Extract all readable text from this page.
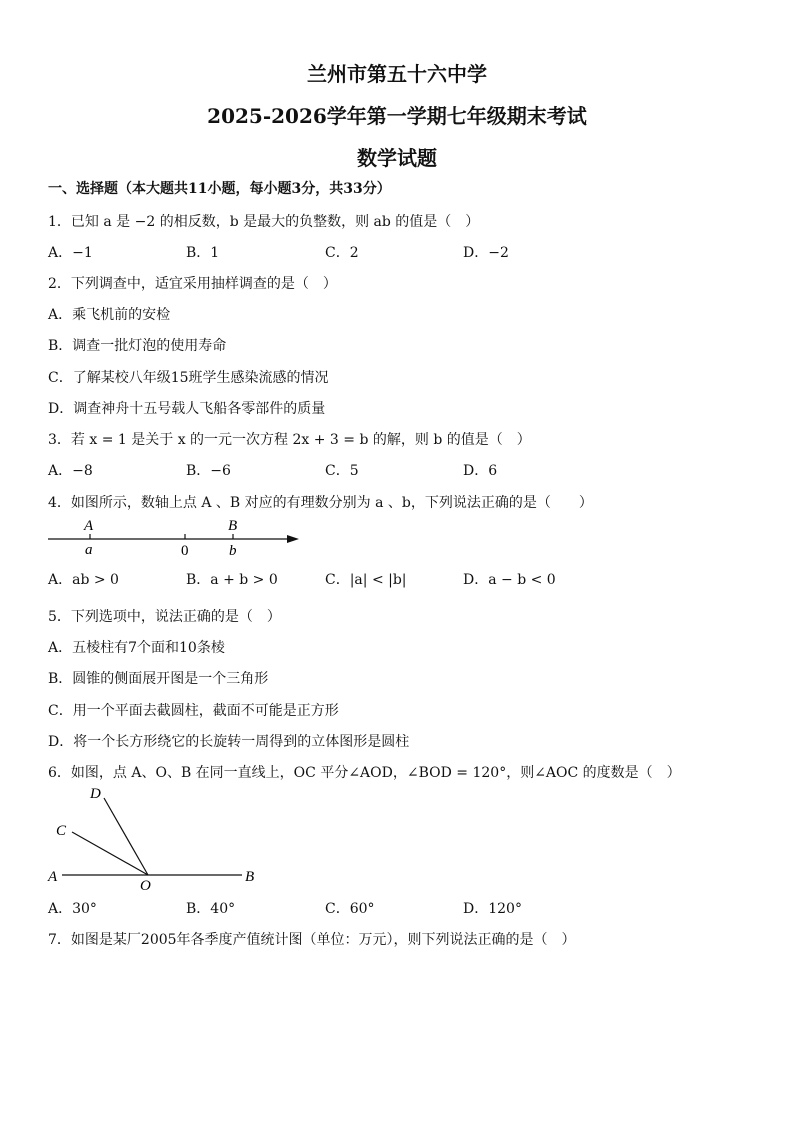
兰州市第五十六中学
2025-2026学年第一学期七年级期末考试
数学试题
一、选择题（本大题共11小题，每小题3分，共33分）
1．已知 a 是 −2 的相反数，b 是最大的负整数，则 ab 的值是（　）
A．−1	B．1	C．2	D．−2
2．下列调查中，适宜采用抽样调查的是（　）
A．乘飞机前的安检
B．调查一批灯泡的使用寿命
C．了解某校八年级15班学生感染流感的情况
D．调查神舟十五号载人飞船各零部件的质量
3．若 x = 1 是关于 x 的一元一次方程 2x + 3 = b 的解，则 b 的值是（　）
A．−8	B．−6	C．5	D．6
4．如图所示，数轴上点 A 、B 对应的有理数分别为 a 、b，下列说法正确的是（　　）
A
a	0
B
b
A．ab > 0	B．a + b > 0	C．|a| < |b|	D．a − b < 0
5．下列选项中，说法正确的是（　）
A．五棱柱有7个面和10条棱
B．圆锥的侧面展开图是一个三角形
C．用一个平面去截圆柱，截面不可能是正方形
D．将一个长方形绕它的长旋转一周得到的立体图形是圆柱
6．如图，点 A、O、B 在同一直线上，OC 平分∠AOD，∠BOD = 120°，则∠AOC 的度数是（　）
D
C
A
O
B
A．30°	B．40°	C．60°	D．120°
7．如图是某厂2005年各季度产值统计图（单位：万元），则下列说法正确的是（　）
